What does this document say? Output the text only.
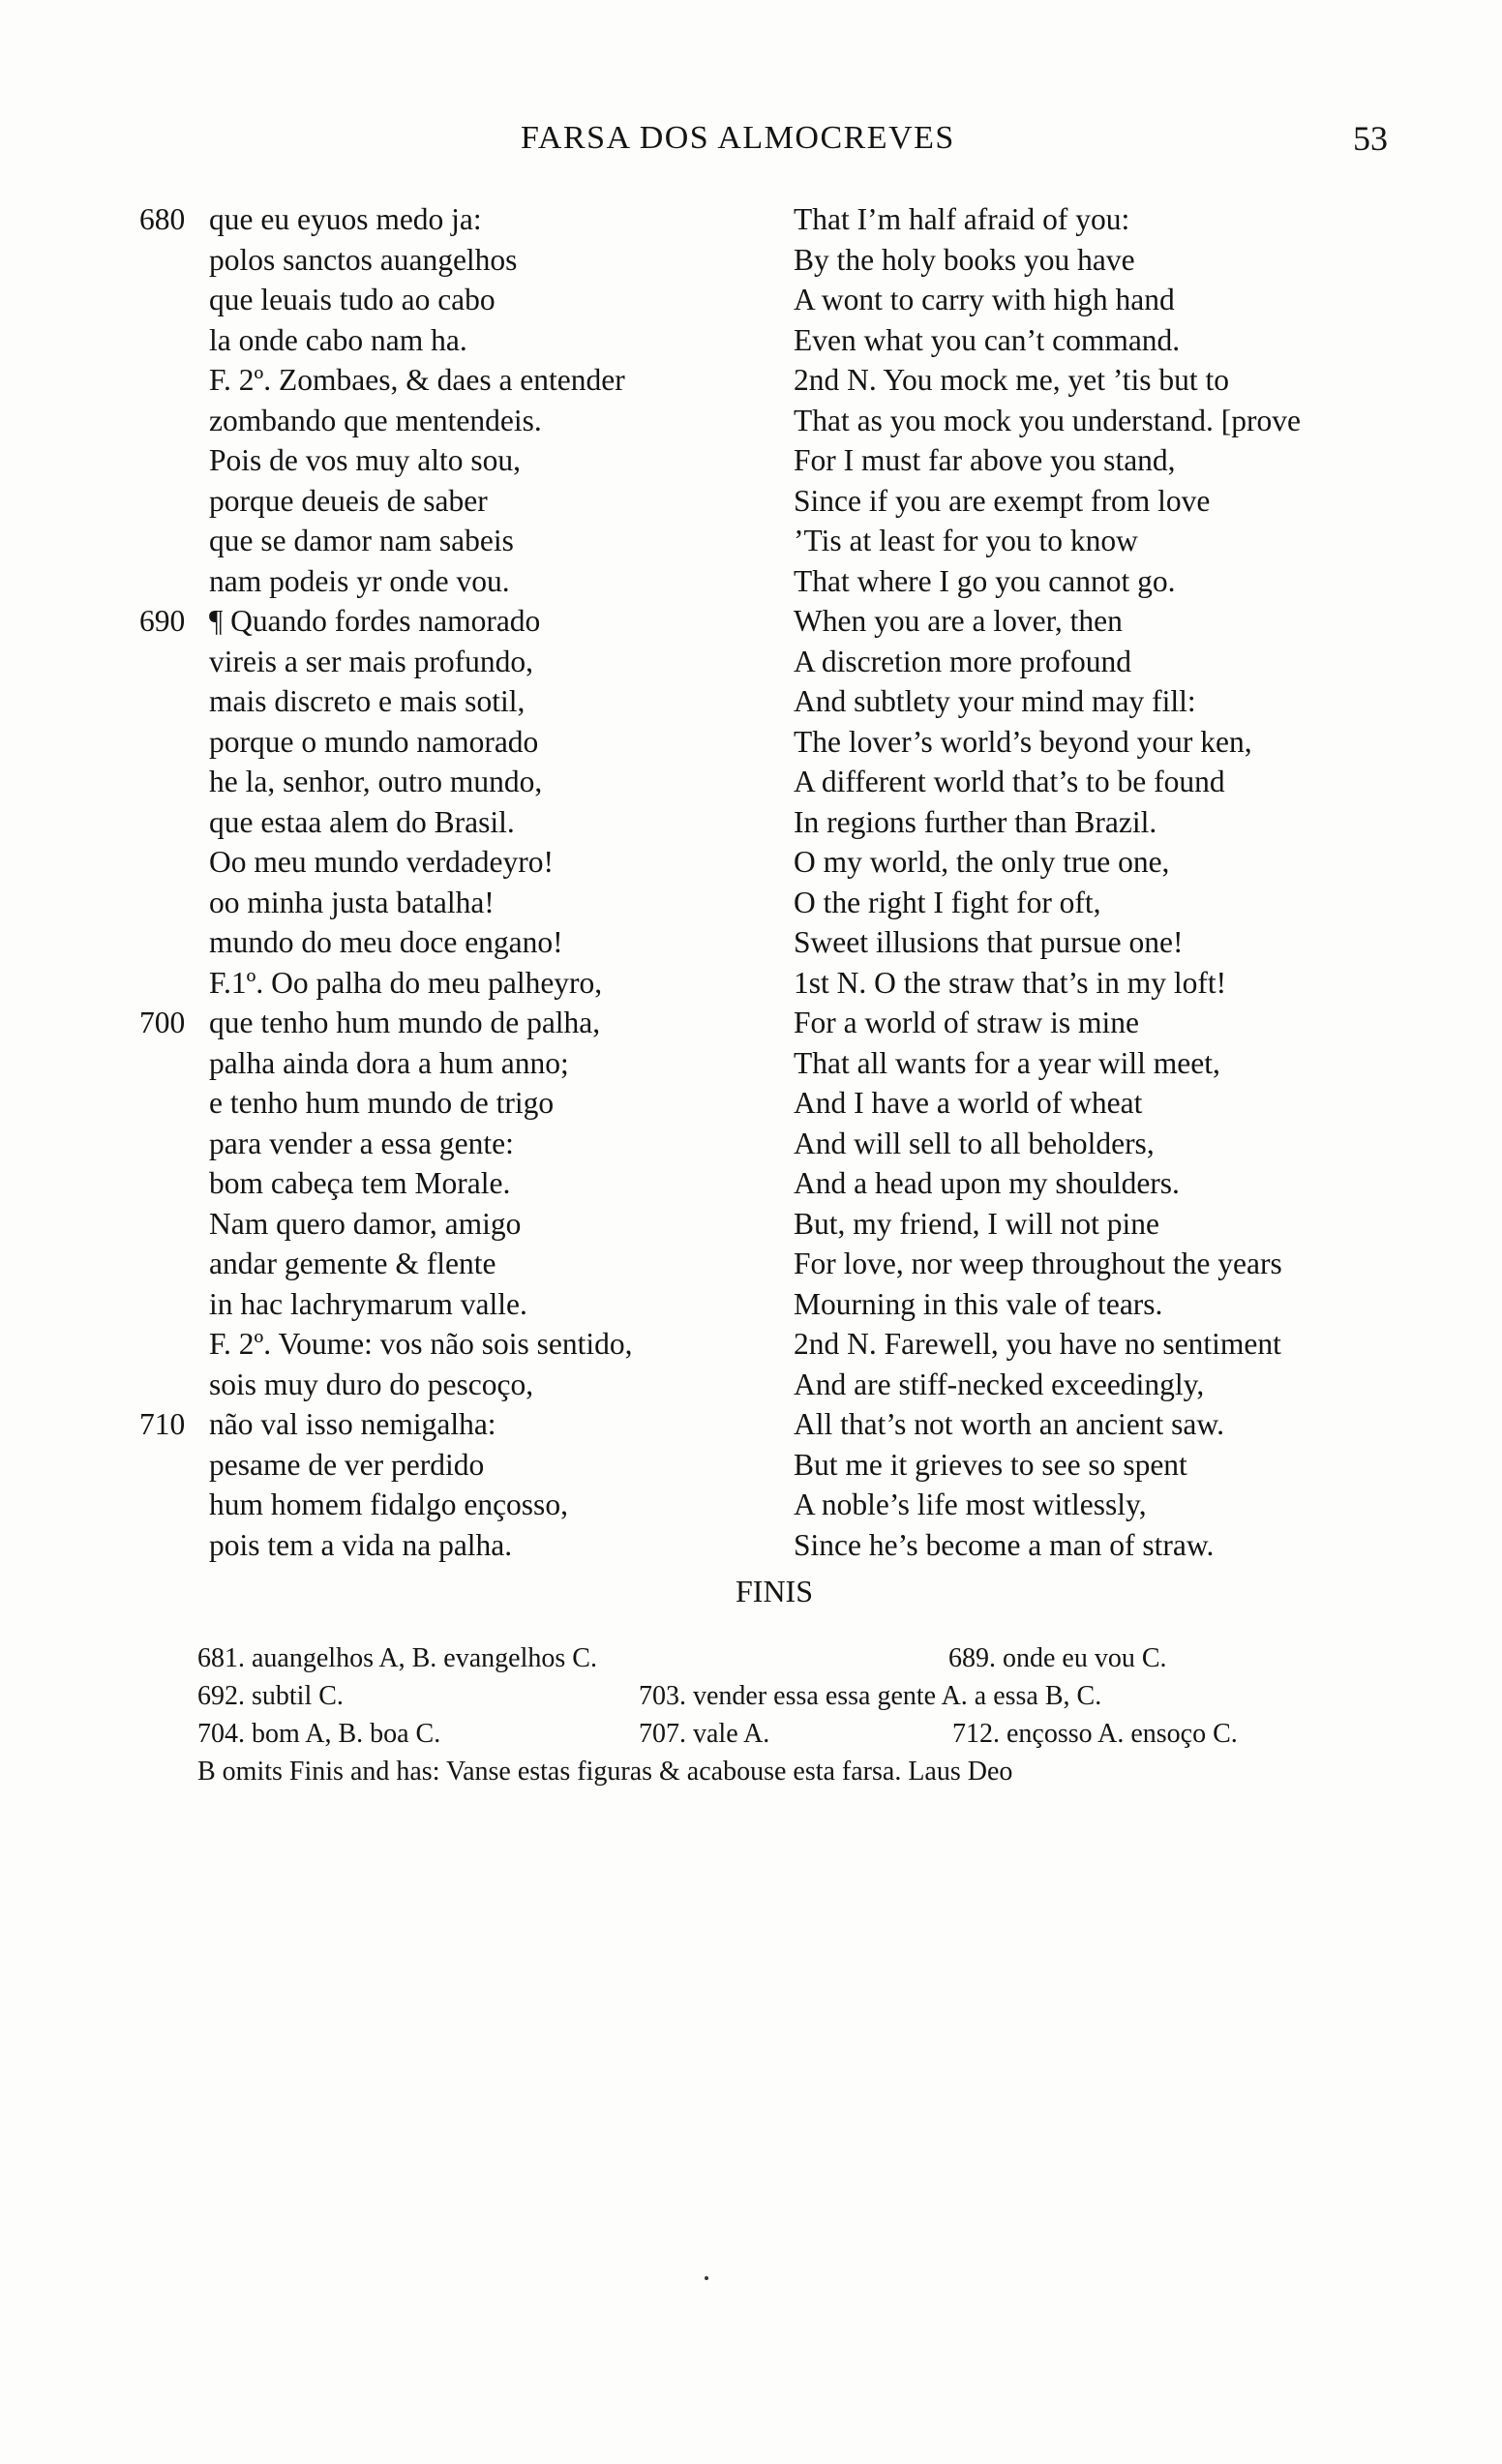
FARSA DOS ALMOCREVES	53
680 que eu eyuos medo ja:	That I’m half afraid of you:
polos sanctos auangelhos	By the holy books you have
que leuais tudo ao cabo	A wont to carry with high hand
la onde cabo nam ha.	Even what you can’t command.
F. 2º. Zombaes, & daes a entender	2nd N. You mock me, yet ’tis but to
zombando que mentendeis.	That as you mock you understand. [prove
Pois de vos muy alto sou,	For I must far above you stand,
porque deueis de saber	Since if you are exempt from love
que se damor nam sabeis	’Tis at least for you to know
nam podeis yr onde vou.	That where I go you cannot go.
690 ¶ Quando fordes namorado	When you are a lover, then
vireis a ser mais profundo,	A discretion more profound
mais discreto e mais sotil,	And subtlety your mind may fill:
porque o mundo namorado	The lover’s world’s beyond your ken,
he la, senhor, outro mundo,	A different world that’s to be found
que estaa alem do Brasil.	In regions further than Brazil.
Oo meu mundo verdadeyro!	O my world, the only true one,
oo minha justa batalha!	O the right I fight for oft,
mundo do meu doce engano!	Sweet illusions that pursue one!
F.1º. Oo palha do meu palheyro,	1st N. O the straw that’s in my loft!
700 que tenho hum mundo de palha,	For a world of straw is mine
palha ainda dora a hum anno;	That all wants for a year will meet,
e tenho hum mundo de trigo	And I have a world of wheat
para vender a essa gente:	And will sell to all beholders,
bom cabeça tem Morale.	And a head upon my shoulders.
Nam quero damor, amigo	But, my friend, I will not pine
andar gemente & flente	For love, nor weep throughout the years
in hac lachrymarum valle.	Mourning in this vale of tears.
F. 2º. Voume: vos não sois sentido,	2nd N. Farewell, you have no sentiment
sois muy duro do pescoço,	And are stiff-necked exceedingly,
710 não val isso nemigalha:	All that’s not worth an ancient saw.
pesame de ver perdido	But me it grieves to see so spent
hum homem fidalgo ençosso,	A noble’s life most witlessly,
pois tem a vida na palha.	Since he’s become a man of straw.
FINIS
681. auangelhos A, B. evangelhos C.	689. onde eu vou C.
692. subtil C.	703. vender essa essa gente A. a essa B, C.
704. bom A, B. boa C.	707. vale A.	712. ençosso A. ensoço C.
B omits Finis and has: Vanse estas figuras & acabouse esta farsa. Laus Deo
